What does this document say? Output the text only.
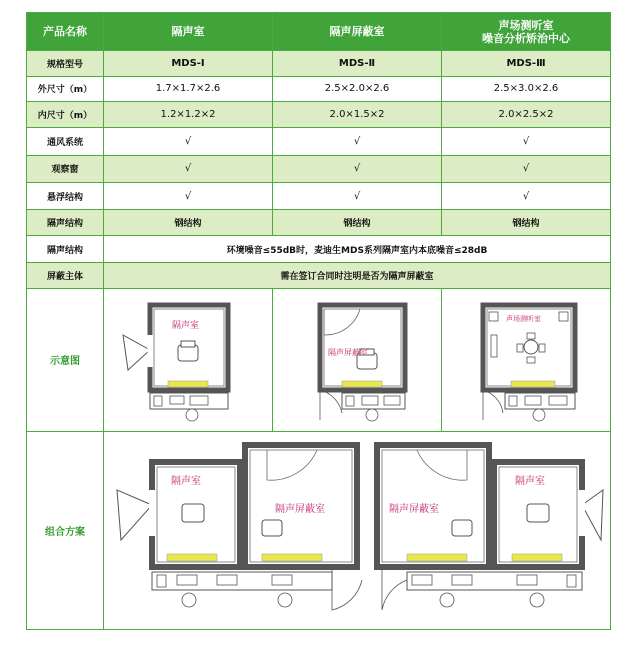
产品名称	隔声室	隔声屏蔽室	声场测听室
噪音分析矫治中心

规格型号	MDS-Ⅰ	MDS-Ⅱ	MDS-Ⅲ
外尺寸（m）	1.7×1.7×2.6	2.5×2.0×2.6	2.5×3.0×2.6
内尺寸（m）	1.2×1.2×2	2.0×1.5×2	2.0×2.5×2
通风系统	√	√	√
观察窗	√	√	√
悬浮结构	√	√	√
隔声结构	钢结构	钢结构	钢结构
隔声结构	环境噪音≤55dB时，麦迪生MDS系列隔声室内本底噪音≤28dB		
屏蔽主体	需在签订合同时注明是否为隔声屏蔽室		
示意图	隔声室	隔声屏蔽室	声场测听室

组合方案	隔声室
隔声屏蔽室 隔声屏蔽室
隔声室		
